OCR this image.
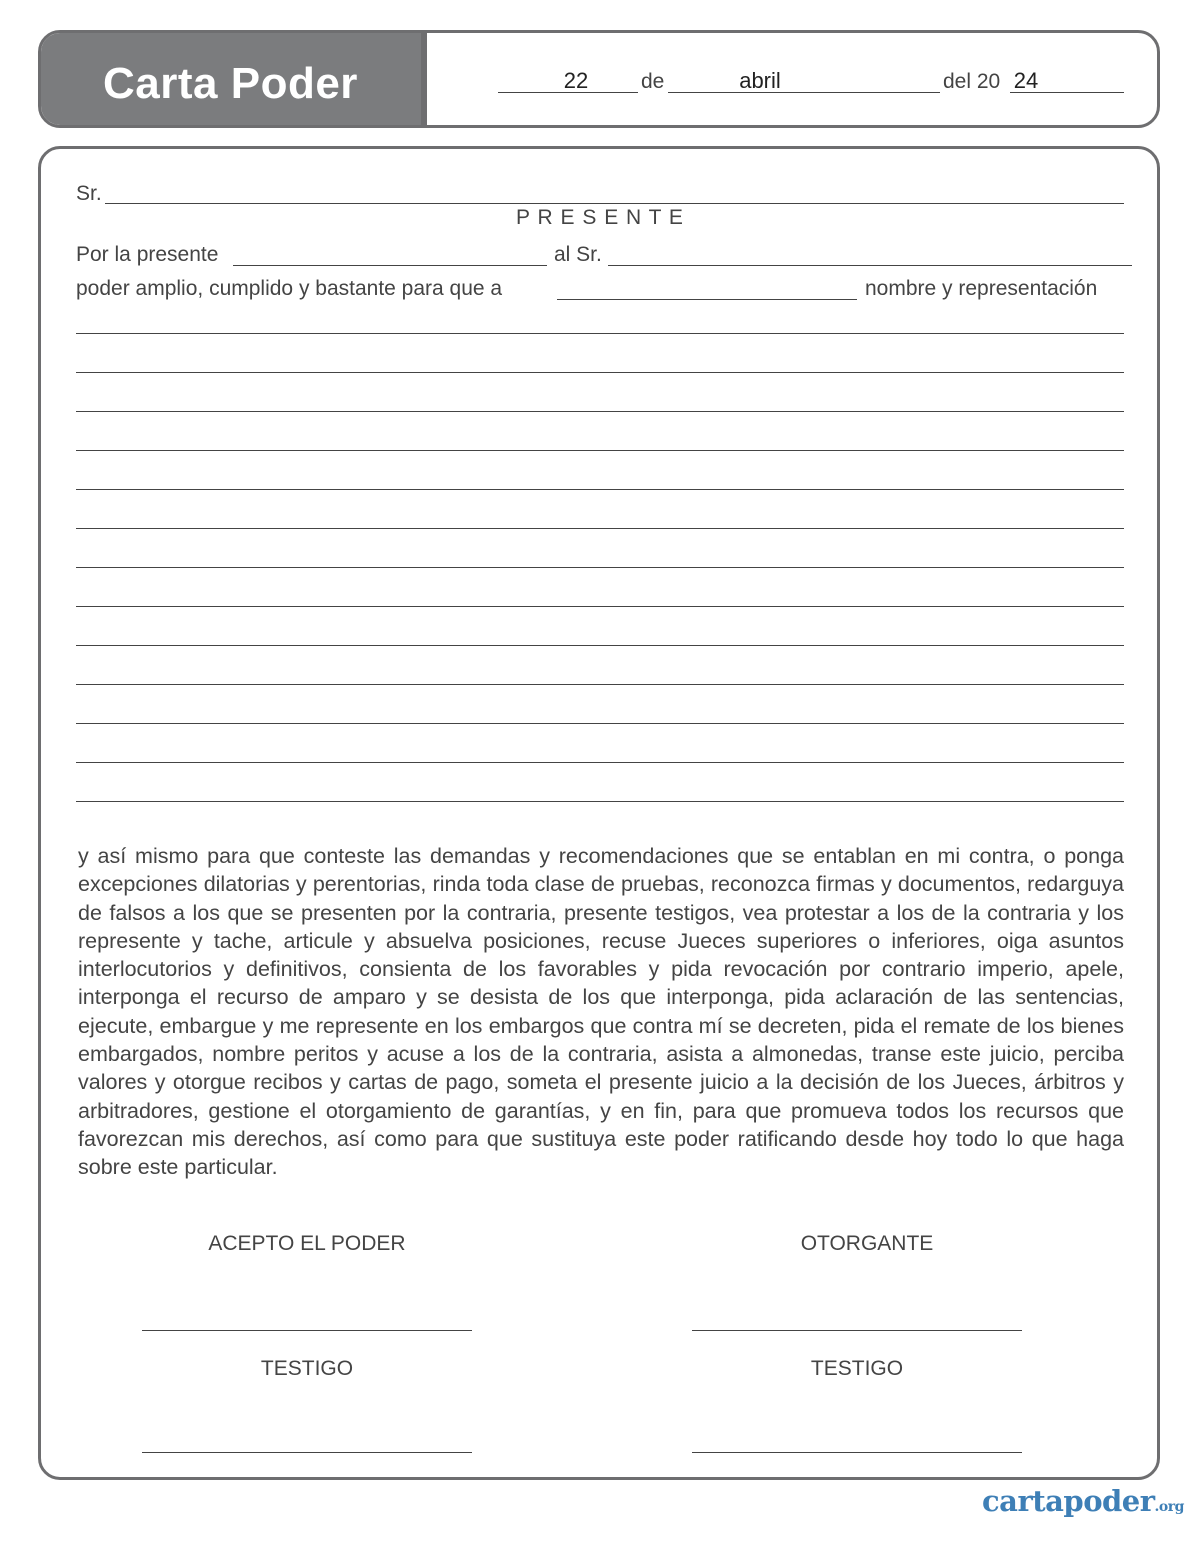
Carta Poder	22	de	abril	del 20 24
Sr.
P R E S E N T E
Por la presente	al Sr.
poder amplio, cumplido y bastante para que a	nombre y representación
y así mismo para que conteste las demandas y recomendaciones que se entablan en mi contra, o ponga excepciones dilatorias y perentorias, rinda toda clase de pruebas, reconozca firmas y documentos, redarguya de falsos a los que se presenten por la contraria, presente testigos, vea protestar a los de la contraria y los represente y tache, articule y absuelva posiciones, recuse Jueces superiores o inferiores, oiga asuntos interlocutorios y definitivos, consienta de los favorables y pida revocación por contrario imperio, apele, interponga el recurso de amparo y se desista de los que interponga, pida aclaración de las sentencias, ejecute, embargue y me represente en los embargos que contra mí se decreten, pida el remate de los bienes embargados, nombre peritos y acuse a los de la contraria, asista a almonedas, transe este juicio, perciba valores y otorgue recibos y cartas de pago, someta el presente juicio a la decisión de los Jueces, árbitros y arbitradores, gestione el otorgamiento de garantías, y en fin, para que promueva todos los recursos que favorezcan mis derechos, así como para que sustituya este poder ratificando desde hoy todo lo que haga sobre este particular.
ACEPTO EL PODER	OTORGANTE
TESTIGO	TESTIGO
cartapoder.org
